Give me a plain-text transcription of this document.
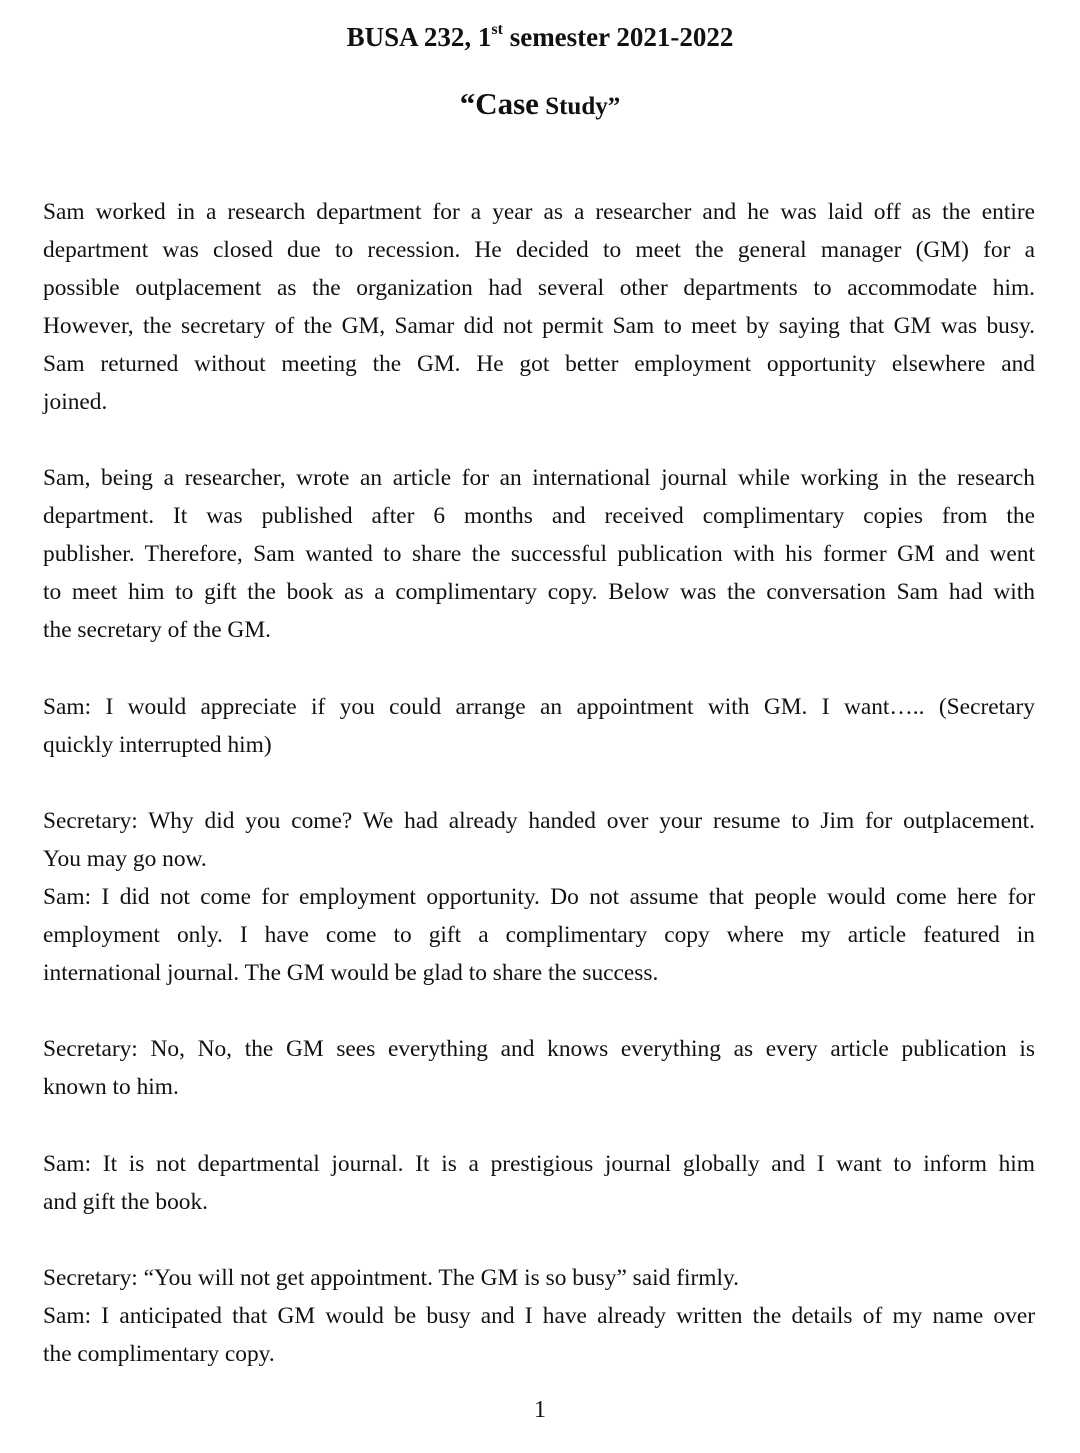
BUSA 232, 1st semester 2021-2022

“Case Study”

Sam worked in a research department for a year as a researcher and he was laid off as the entire
department was closed due to recession. He decided to meet the general manager (GM) for a
possible outplacement as the organization had several other departments to accommodate him.
However, the secretary of the GM, Samar did not permit Sam to meet by saying that GM was busy.
Sam returned without meeting the GM. He got better employment opportunity elsewhere and
joined.
Sam, being a researcher, wrote an article for an international journal while working in the research
department. It was published after 6 months and received complimentary copies from the
publisher. Therefore, Sam wanted to share the successful publication with his former GM and went
to meet him to gift the book as a complimentary copy. Below was the conversation Sam had with
the secretary of the GM.
Sam: I would appreciate if you could arrange an appointment with GM. I want….. (Secretary
quickly interrupted him)
Secretary: Why did you come? We had already handed over your resume to Jim for outplacement.
You may go now.
Sam: I did not come for employment opportunity. Do not assume that people would come here for
employment only. I have come to gift a complimentary copy where my article featured in
international journal. The GM would be glad to share the success.
Secretary: No, No, the GM sees everything and knows everything as every article publication is
known to him.
Sam: It is not departmental journal. It is a prestigious journal globally and I want to inform him
and gift the book.
Secretary: “You will not get appointment. The GM is so busy” said firmly.
Sam: I anticipated that GM would be busy and I have already written the details of my name over
the complimentary copy.

1
